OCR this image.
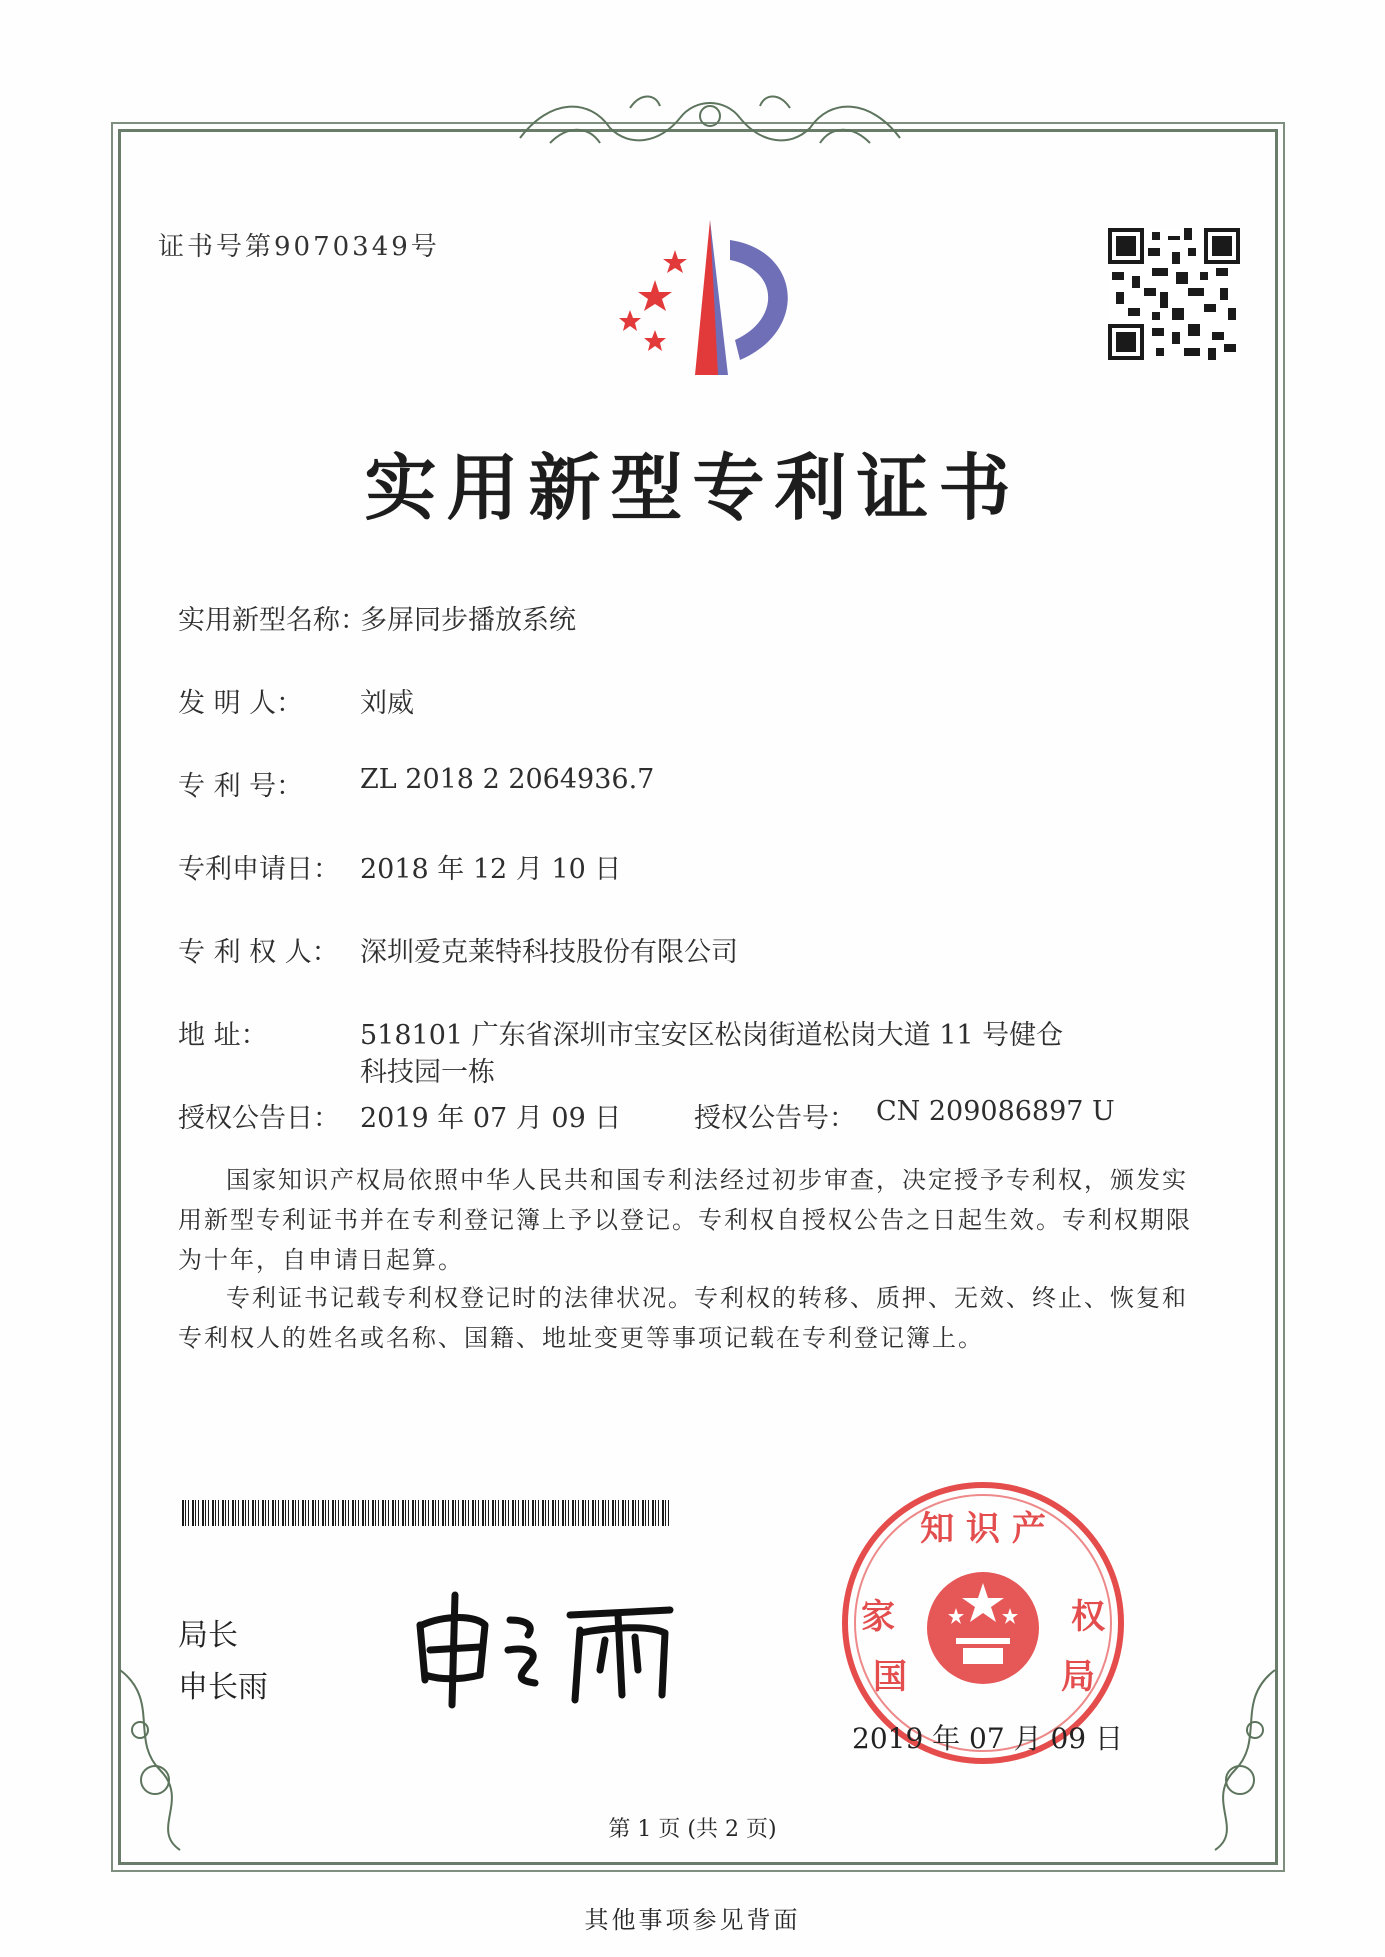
证书号第9070349号
实用新型专利证书
实用新型名称：
多屏同步播放系统
发 明 人： 刘威
专 利 号： ZL 2018 2 2064936.7
专利申请日： 2018 年 12 月 10 日
专 利 权 人： 深圳爱克莱特科技股份有限公司
地 址：	518101 广东省深圳市宝安区松岗街道松岗大道 11 号健仓
科技园一栋
授权公告日： 2019 年 07 月 09 日	授权公告号： CN 209086897 U
国家知识产权局依照中华人民共和国专利法经过初步审查，决定授予专利权，颁发实用新型专利证书并在专利登记簿上予以登记。专利权自授权公告之日起生效。专利权期限为十年，自申请日起算。
专利证书记载专利权登记时的法律状况。专利权的转移、质押、无效、终止、恢复和专利权人的姓名或名称、国籍、地址变更等事项记载在专利登记簿上。
局长
申长雨
知 识 产
家
国
权
局
2019 年 07 月 09 日
第 1 页 (共 2 页)
其他事项参见背面
